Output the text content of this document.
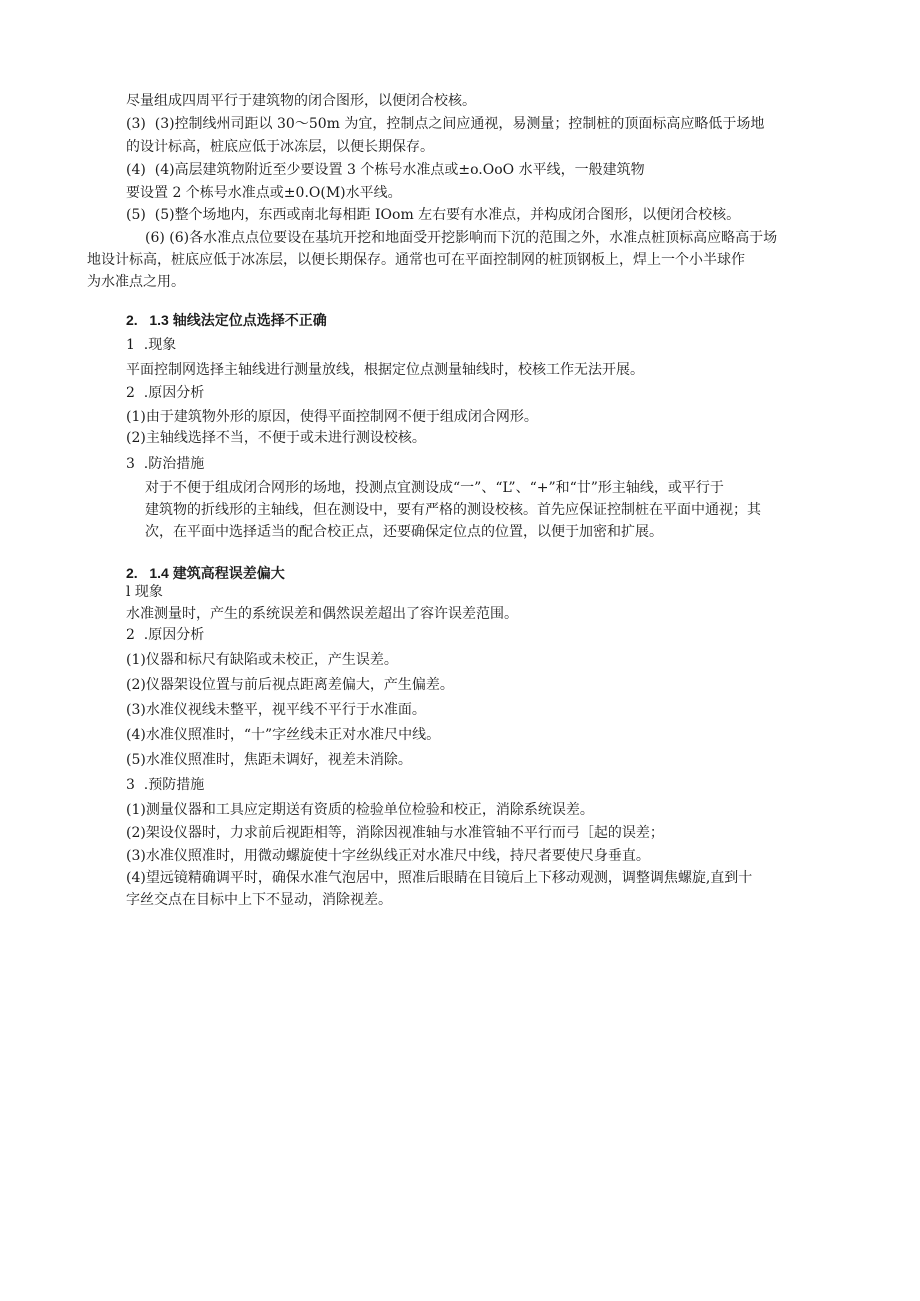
尽量组成四周平行于建筑物的闭合图形，以便闭合校核。

(3)  (3)控制线州司距以 30～50m 为宜，控制点之间应通视，易测量；控制桩的顶面标高应略低于场地

的设计标高，桩底应低于冰冻层，以便长期保存。

(4)  (4)高层建筑物附近至少要设置 3 个栋号水准点或±o.OoO 水平线，一般建筑物

要设置 2 个栋号水准点或±0.O(M)水平线。

(5)  (5)整个场地内，东西或南北每相距 IOom 左右要有水准点，并构成闭合图形，以便闭合校核。

(6) (6)各水准点点位要设在基坑开挖和地面受开挖影响而下沉的范围之外，水准点桩顶标高应略高于场

地设计标高，桩底应低于冰冻层，以便长期保存。通常也可在平面控制网的桩顶钢板上，焊上一个小半球作

为水准点之用。

2.   1.3 轴线法定位点选择不正确

1  .现象

平面控制网选择主轴线进行测量放线，根据定位点测量轴线时，校核工作无法开展。

2  .原因分析

(1)由于建筑物外形的原因，使得平面控制网不便于组成闭合网形。

(2)主轴线选择不当，不便于或未进行测设校核。

3  .防治措施

对于不便于组成闭合网形的场地，投测点宜测设成“一”、“L”、“+”和“廿”形主轴线，或平行于

建筑物的折线形的主轴线，但在测设中，要有严格的测设校核。首先应保证控制桩在平面中通视；其

次，在平面中选择适当的配合校正点，还要确保定位点的位置，以便于加密和扩展。

2.   1.4 建筑高程误差偏大

l 现象

水准测量时，产生的系统误差和偶然误差超出了容许误差范围。

2  .原因分析

(1)仪器和标尺有缺陷或未校正，产生误差。

(2)仪器架设位置与前后视点距离差偏大，产生偏差。

(3)水准仪视线未整平，视平线不平行于水准面。

(4)水准仪照准时，“十”字丝线未正对水准尺中线。

(5)水准仪照准时，焦距未调好，视差未消除。

3  .预防措施

(1)测量仪器和工具应定期送有资质的检验单位检验和校正，消除系统误差。

(2)架设仪器时，力求前后视距相等，消除因视准轴与水准管轴不平行而弓［起的误差；

(3)水准仪照准时，用微动螺旋使十字丝纵线正对水准尺中线，持尺者要使尺身垂直。

(4)望远镜精确调平时，确保水准气泡居中，照准后眼睛在目镜后上下移动观测，调整调焦螺旋,直到十

字丝交点在目标中上下不显动，消除视差。
